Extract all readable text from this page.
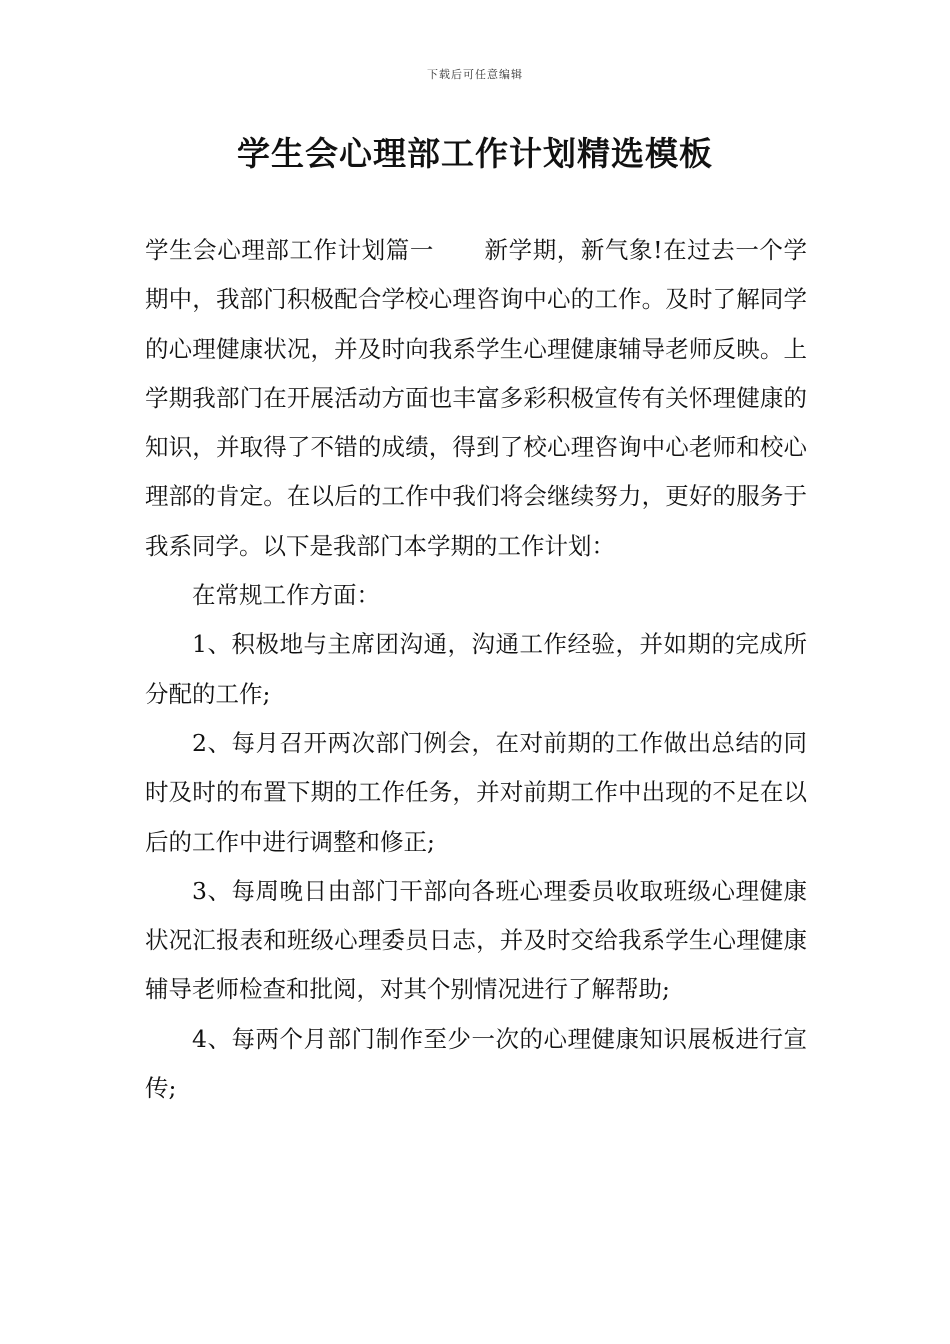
下载后可任意编辑
学生会心理部工作计划精选模板

学生会心理部工作计划篇一 新学期，新气象!在过去一个学期中，我部门积极配合学校心理咨询中心的工作。及时了解同学的心理健康状况，并及时向我系学生心理健康辅导老师反映。上学期我部门在开展活动方面也丰富多彩积极宣传有关怀理健康的知识，并取得了不错的成绩，得到了校心理咨询中心老师和校心理部的肯定。在以后的工作中我们将会继续努力，更好的服务于我系同学。以下是我部门本学期的工作计划：

在常规工作方面：

1、积极地与主席团沟通，沟通工作经验，并如期的完成所分配的工作;

2、每月召开两次部门例会，在对前期的工作做出总结的同时及时的布置下期的工作任务，并对前期工作中出现的不足在以后的工作中进行调整和修正;

3、每周晚日由部门干部向各班心理委员收取班级心理健康状况汇报表和班级心理委员日志，并及时交给我系学生心理健康辅导老师检查和批阅，对其个别情况进行了解帮助;

4、每两个月部门制作至少一次的心理健康知识展板进行宣传;
